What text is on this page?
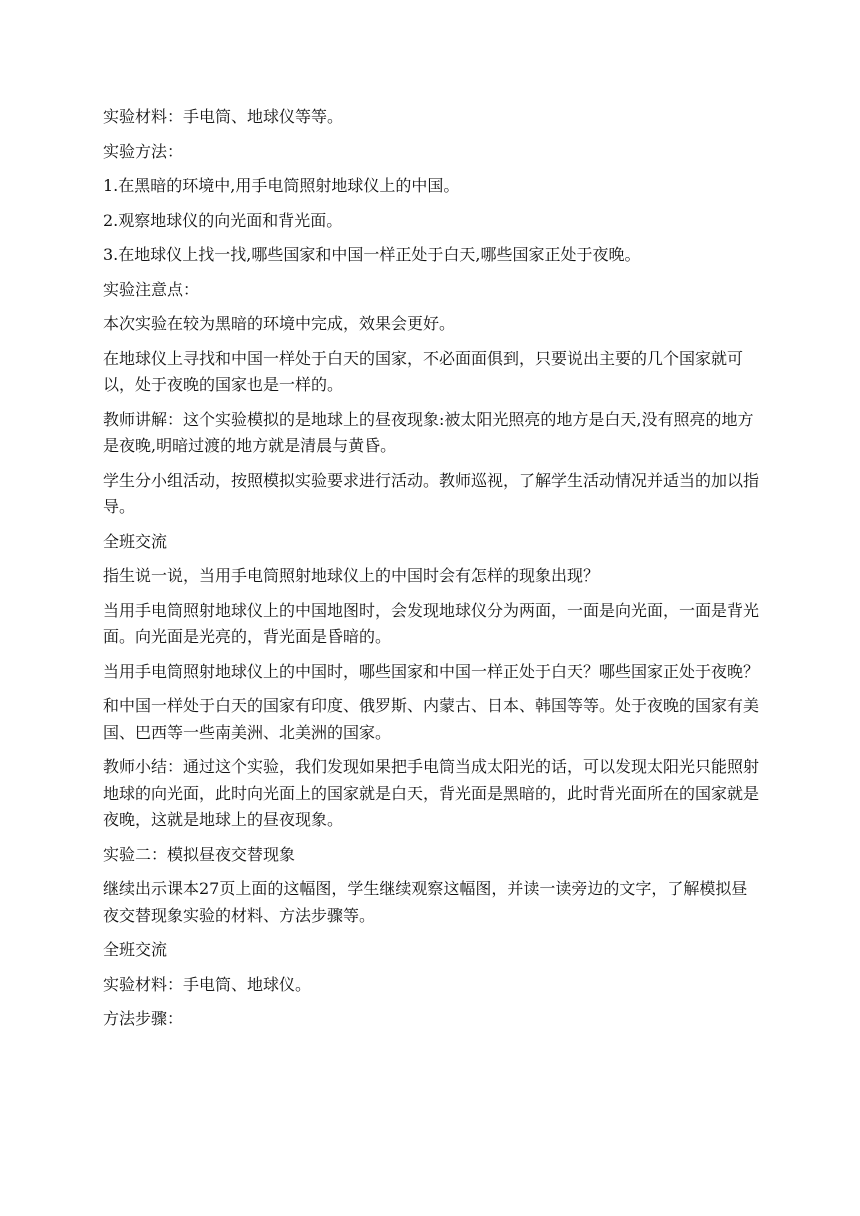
实验材料：手电筒、地球仪等等。

实验方法：

1.在黑暗的环境中,用手电筒照射地球仪上的中国。

2.观察地球仪的向光面和背光面。

3.在地球仪上找一找,哪些国家和中国一样正处于白天,哪些国家正处于夜晚。

实验注意点：

本次实验在较为黑暗的环境中完成，效果会更好。

在地球仪上寻找和中国一样处于白天的国家，不必面面俱到，只要说出主要的几个国家就可以，处于夜晚的国家也是一样的。

教师讲解：这个实验模拟的是地球上的昼夜现象:被太阳光照亮的地方是白天,没有照亮的地方是夜晚,明暗过渡的地方就是清晨与黄昏。

学生分小组活动，按照模拟实验要求进行活动。教师巡视，了解学生活动情况并适当的加以指导。

全班交流

指生说一说，当用手电筒照射地球仪上的中国时会有怎样的现象出现？

当用手电筒照射地球仪上的中国地图时，会发现地球仪分为两面，一面是向光面，一面是背光面。向光面是光亮的，背光面是昏暗的。

当用手电筒照射地球仪上的中国时，哪些国家和中国一样正处于白天？哪些国家正处于夜晚？

和中国一样处于白天的国家有印度、俄罗斯、内蒙古、日本、韩国等等。处于夜晚的国家有美国、巴西等一些南美洲、北美洲的国家。

教师小结：通过这个实验，我们发现如果把手电筒当成太阳光的话，可以发现太阳光只能照射地球的向光面，此时向光面上的国家就是白天，背光面是黑暗的，此时背光面所在的国家就是夜晚，这就是地球上的昼夜现象。

实验二：模拟昼夜交替现象

继续出示课本27页上面的这幅图，学生继续观察这幅图，并读一读旁边的文字，了解模拟昼夜交替现象实验的材料、方法步骤等。

全班交流

实验材料：手电筒、地球仪。

方法步骤：
